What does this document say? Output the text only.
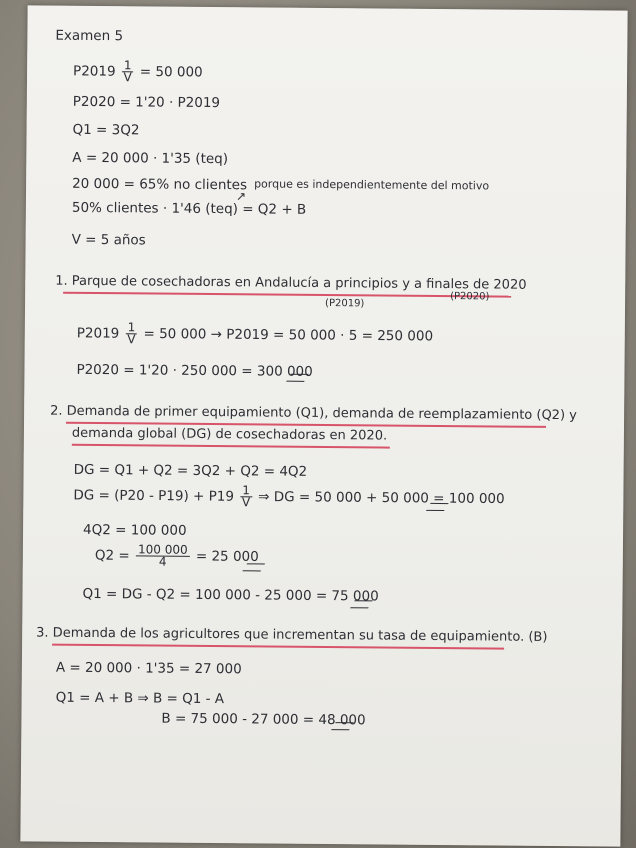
Examen 5
$P2019 \frac{1}{V} = 50$ 000
P2020 = 1'20 · P2019
Q1 = 3Q2
A = 20 000 · 1'35 (teq)
20 000 = 65% no clientes
↗
porque es independientemente del motivo
50% clientes · 1'46 (teq) = Q2 + B
V = 5 años
1. Parque de cosechadoras en Andalucía a principios y a finales de 2020
(P2019)
(P2020)
$P2019 \frac{1}{V} = 50$ 000 → P2019 = 50 000 · 5 = 250 000
P2020 = 1'20 · 250 000 = 300 000
2. Demanda de primer equipamiento (Q1), demanda de reemplazamiento (Q2) y
demanda global (DG) de cosechadoras en 2020.
DG = Q1 + Q2 = 3Q2 + Q2 = 4Q2
DG = $(P20 - P19) + P19 \frac{1}{V}$ ⇒ DG = 50 000 + 50 000 = 100 000
4Q2 = 100 000
$Q2 = \frac{100 000}{4} = 25$ 000
Q1 = DG - Q2 = 100 000 - 25 000 = 75 000
3. Demanda de los agricultores que incrementan su tasa de equipamiento. (B)
A = 20 000 · 1'35 = 27 000
Q1 = A + B ⇒ B = Q1 - A
B = 75 000 - 27 000 = 48 000
